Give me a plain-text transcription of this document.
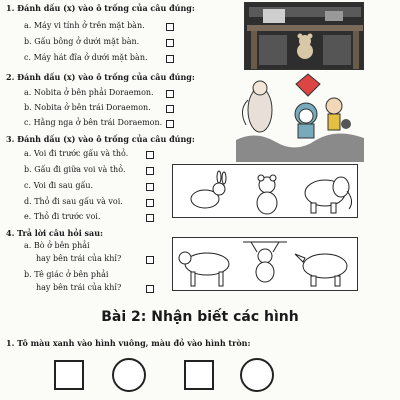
1. Đánh dấu (x) vào ô trống của câu đúng:
a. Máy vi tính ở trên mặt bàn.
b. Gấu bông ở dưới mặt bàn.
c. Máy hát đĩa ở dưới mặt bàn.
2. Đánh dấu (x) vào ô trống của câu đúng:
a. Nobita ở bên phải Doraemon.
b. Nobita ở bên trái Doraemon.
c. Hằng nga ở bên trái Doraemon.
3. Đánh dấu (x) vào ô trống của câu đúng:
a. Voi đi trước gấu và thỏ.
b. Gấu đi giữa voi và thỏ.
c. Voi đi sau gấu.
d. Thỏ đi sau gấu và voi.
e. Thỏ đi trước voi.
4. Trả lời câu hỏi sau:
a. Bò ở bên phải
hay bên trái của khỉ?
b. Tê giác ở bên phải
hay bên trái của khỉ?
Bài 2: Nhận biết các hình
1. Tô màu xanh vào hình vuông, màu đỏ vào hình tròn:
